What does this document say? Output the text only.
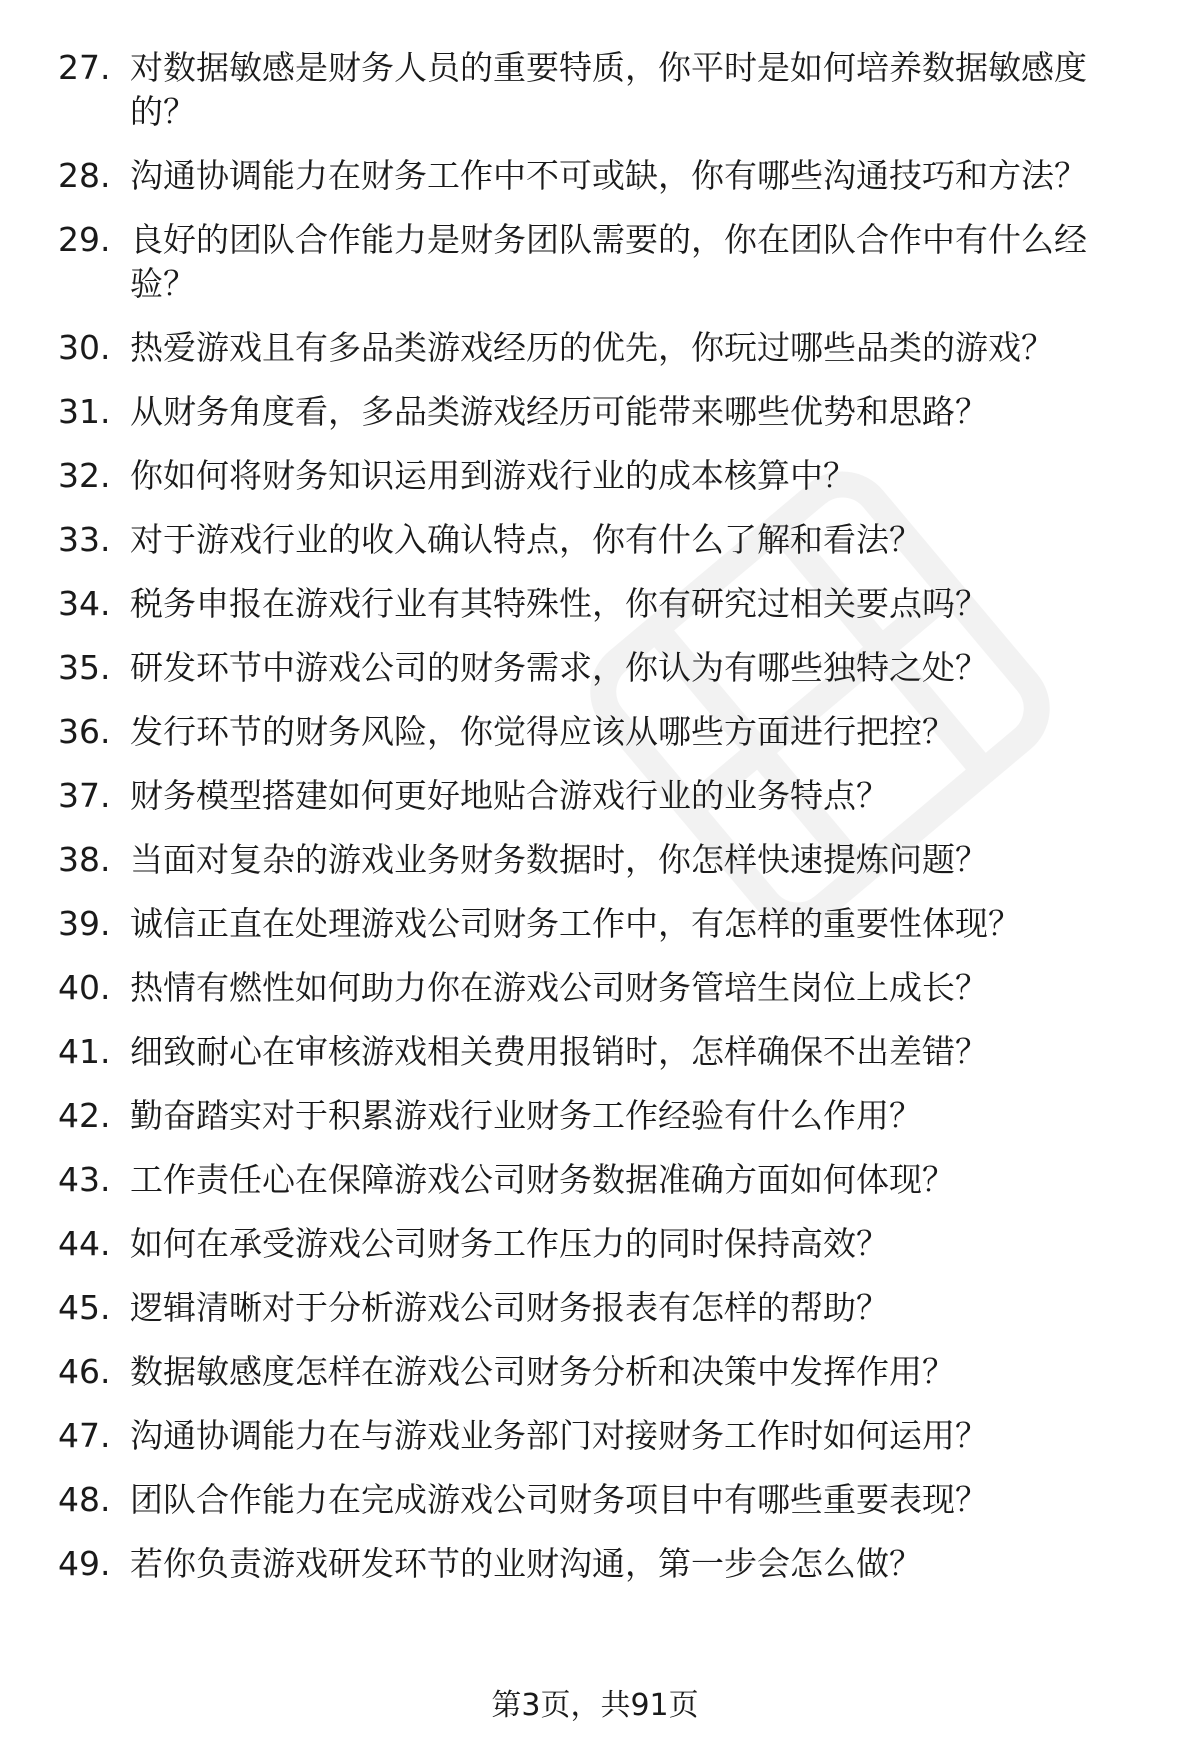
27. 对数据敏感是财务人员的重要特质，你平时是如何培养数据敏感度的？
28. 沟通协调能力在财务工作中不可或缺，你有哪些沟通技巧和方法？
29. 良好的团队合作能力是财务团队需要的，你在团队合作中有什么经验？
30. 热爱游戏且有多品类游戏经历的优先，你玩过哪些品类的游戏？
31. 从财务角度看，多品类游戏经历可能带来哪些优势和思路？
32. 你如何将财务知识运用到游戏行业的成本核算中？
33. 对于游戏行业的收入确认特点，你有什么了解和看法？
34. 税务申报在游戏行业有其特殊性，你有研究过相关要点吗？
35. 研发环节中游戏公司的财务需求，你认为有哪些独特之处？
36. 发行环节的财务风险，你觉得应该从哪些方面进行把控？
37. 财务模型搭建如何更好地贴合游戏行业的业务特点？
38. 当面对复杂的游戏业务财务数据时，你怎样快速提炼问题？
39. 诚信正直在处理游戏公司财务工作中，有怎样的重要性体现？
40. 热情有燃性如何助力你在游戏公司财务管培生岗位上成长？
41. 细致耐心在审核游戏相关费用报销时，怎样确保不出差错？
42. 勤奋踏实对于积累游戏行业财务工作经验有什么作用？
43. 工作责任心在保障游戏公司财务数据准确方面如何体现？
44. 如何在承受游戏公司财务工作压力的同时保持高效？
45. 逻辑清晰对于分析游戏公司财务报表有怎样的帮助？
46. 数据敏感度怎样在游戏公司财务分析和决策中发挥作用？
47. 沟通协调能力在与游戏业务部门对接财务工作时如何运用？
48. 团队合作能力在完成游戏公司财务项目中有哪些重要表现？
49. 若你负责游戏研发环节的业财沟通，第一步会怎么做？
第3页，共91页
